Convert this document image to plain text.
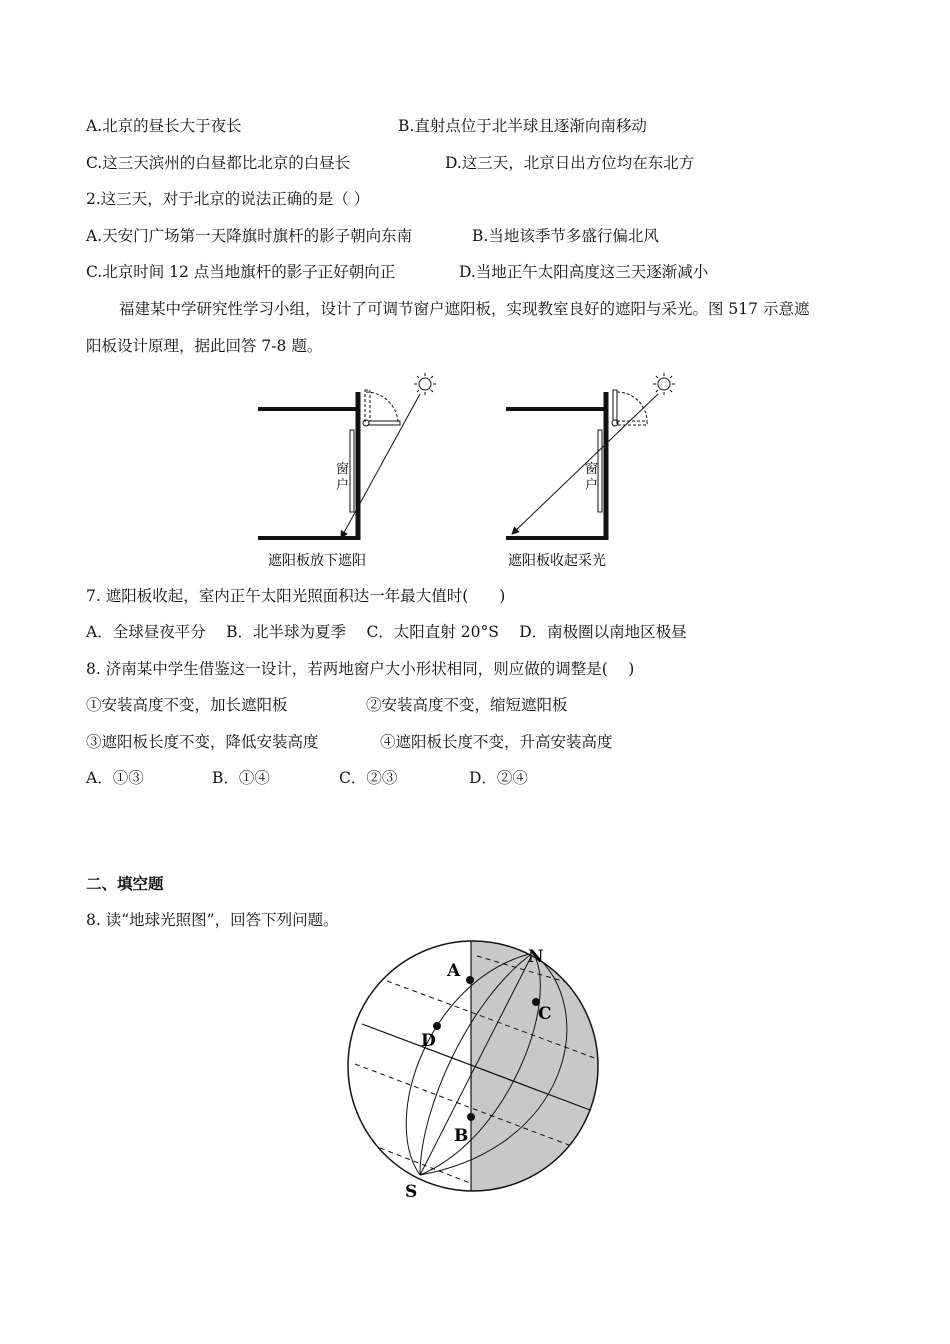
A.北京的昼长大于夜长	B.直射点位于北半球且逐渐向南移动
C.这三天滨州的白昼都比北京的白昼长	D.这三天，北京日出方位均在东北方
2.这三天，对于北京的说法正确的是（ ）
A.天安门广场第一天降旗时旗杆的影子朝向东南	B.当地该季节多盛行偏北风
C.北京时间 12 点当地旗杆的影子正好朝向正	D.当地正午太阳高度这三天逐渐减小
福建某中学研究性学习小组，设计了可调节窗户遮阳板，实现教室良好的遮阳与采光。图 517 示意遮
阳板设计原理，据此回答 7-8 题。
窗
户
遮阳板放下遮阳
窗
户
遮阳板收起采光
7. 遮阳板收起，室内正午太阳光照面积达一年最大值时(　　)
A．全球昼夜平分　 B．北半球为夏季　 C．太阳直射 20°S　 D．南极圈以南地区极昼
8. 济南某中学生借鉴这一设计，若两地窗户大小形状相同，则应做的调整是(　 )
①安装高度不变，加长遮阳板	②安装高度不变，缩短遮阳板
③遮阳板长度不变，降低安装高度	④遮阳板长度不变，升高安装高度
A．①③	B．①④	C．②③	D．②④
二、填空题
8. 读“地球光照图”，回答下列问题。
N
S
A
B
C
D
